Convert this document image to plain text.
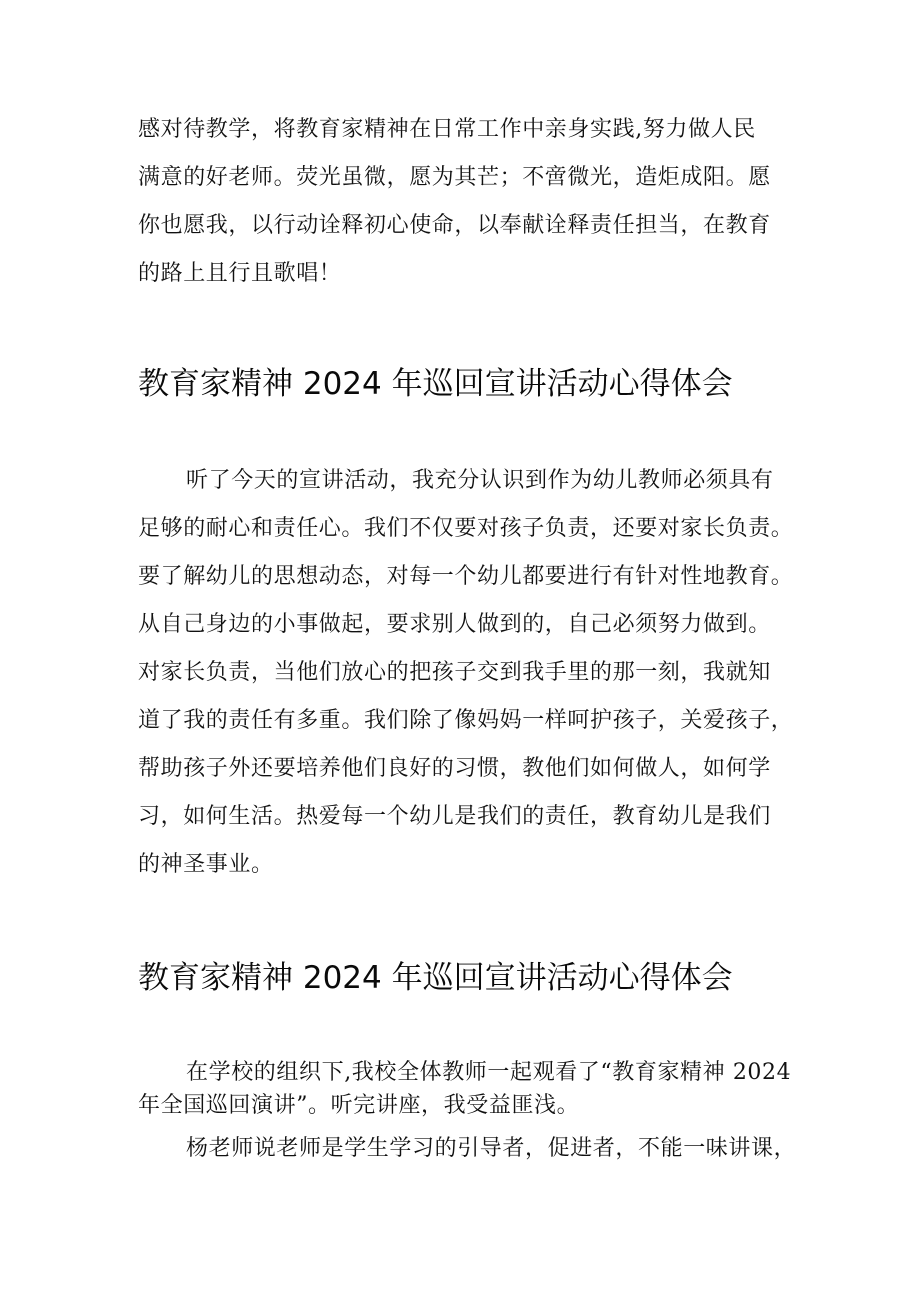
感对待教学，将教育家精神在日常工作中亲身实践,努力做人民
满意的好老师。荧光虽微，愿为其芒；不啻微光，造炬成阳。愿
你也愿我，以行动诠释初心使命，以奉献诠释责任担当，在教育
的路上且行且歌唱！
教育家精神 2024 年巡回宣讲活动心得体会
听了今天的宣讲活动，我充分认识到作为幼儿教师必须具有
足够的耐心和责任心。我们不仅要对孩子负责，还要对家长负责。
要了解幼儿的思想动态，对每一个幼儿都要进行有针对性地教育。
从自己身边的小事做起，要求别人做到的，自己必须努力做到。
对家长负责，当他们放心的把孩子交到我手里的那一刻，我就知
道了我的责任有多重。我们除了像妈妈一样呵护孩子，关爱孩子，
帮助孩子外还要培养他们良好的习惯，教他们如何做人，如何学
习，如何生活。热爱每一个幼儿是我们的责任，教育幼儿是我们
的神圣事业。
教育家精神 2024 年巡回宣讲活动心得体会
在学校的组织下,我校全体教师一起观看了“教育家精神 2024
年全国巡回演讲”。听完讲座，我受益匪浅。
杨老师说老师是学生学习的引导者，促进者，不能一味讲课，
